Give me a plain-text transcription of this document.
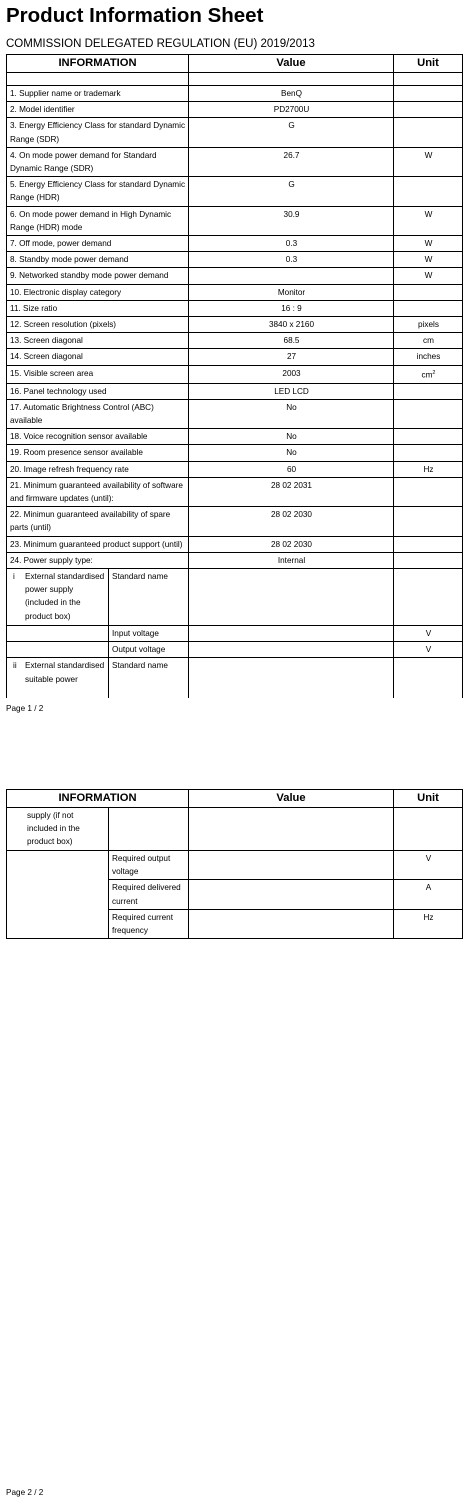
Product Information Sheet
COMMISSION DELEGATED REGULATION (EU) 2019/2013
INFORMATION		Value	Unit

1. Supplier name or trademark		BenQ	
2. Model identifier		PD2700U	
3. Energy Efficiency Class for standard Dynamic Range (SDR)		G	
4. On mode power demand for Standard Dynamic Range (SDR)		26.7	W
5. Energy Efficiency Class for standard Dynamic Range (HDR)		G	
6. On mode power demand in High Dynamic Range (HDR) mode		30.9	W
7. Off mode, power demand		0.3	W
8. Standby mode power demand		0.3	W
9. Networked standby mode power demand			W
10. Electronic display category		Monitor	
11. Size ratio		16 : 9	
12. Screen resolution (pixels)		3840 x 2160	pixels
13. Screen diagonal		68.5	cm
14. Screen diagonal		27	inches
15. Visible screen area		2003	$cm^2$
16. Panel technology used		LED LCD	
17. Automatic Brightness Control (ABC) available		No	
18. Voice recognition sensor available		No	
19. Room presence sensor available		No	
20. Image refresh frequency rate		60	Hz
21. Minimum guaranteed availability of software and firmware updates (until):		28 02 2031	
22. Minimun guaranteed availability of spare parts (until)		28 02 2030	
23. Minimum guaranteed product support (until)		28 02 2030	
24. Power supply type:		Internal	
i External standardised power supply (included in the product box)	Standard name		
	Input voltage		V
	Output voltage		V
ii External standardised suitable power	Standard name		
Page 1 / 2
INFORMATION		Value	Unit
supply (if not included in the product box)			
	Required output voltage		V
	Required delivered current		A
	Required current frequency		Hz
Page 2 / 2
